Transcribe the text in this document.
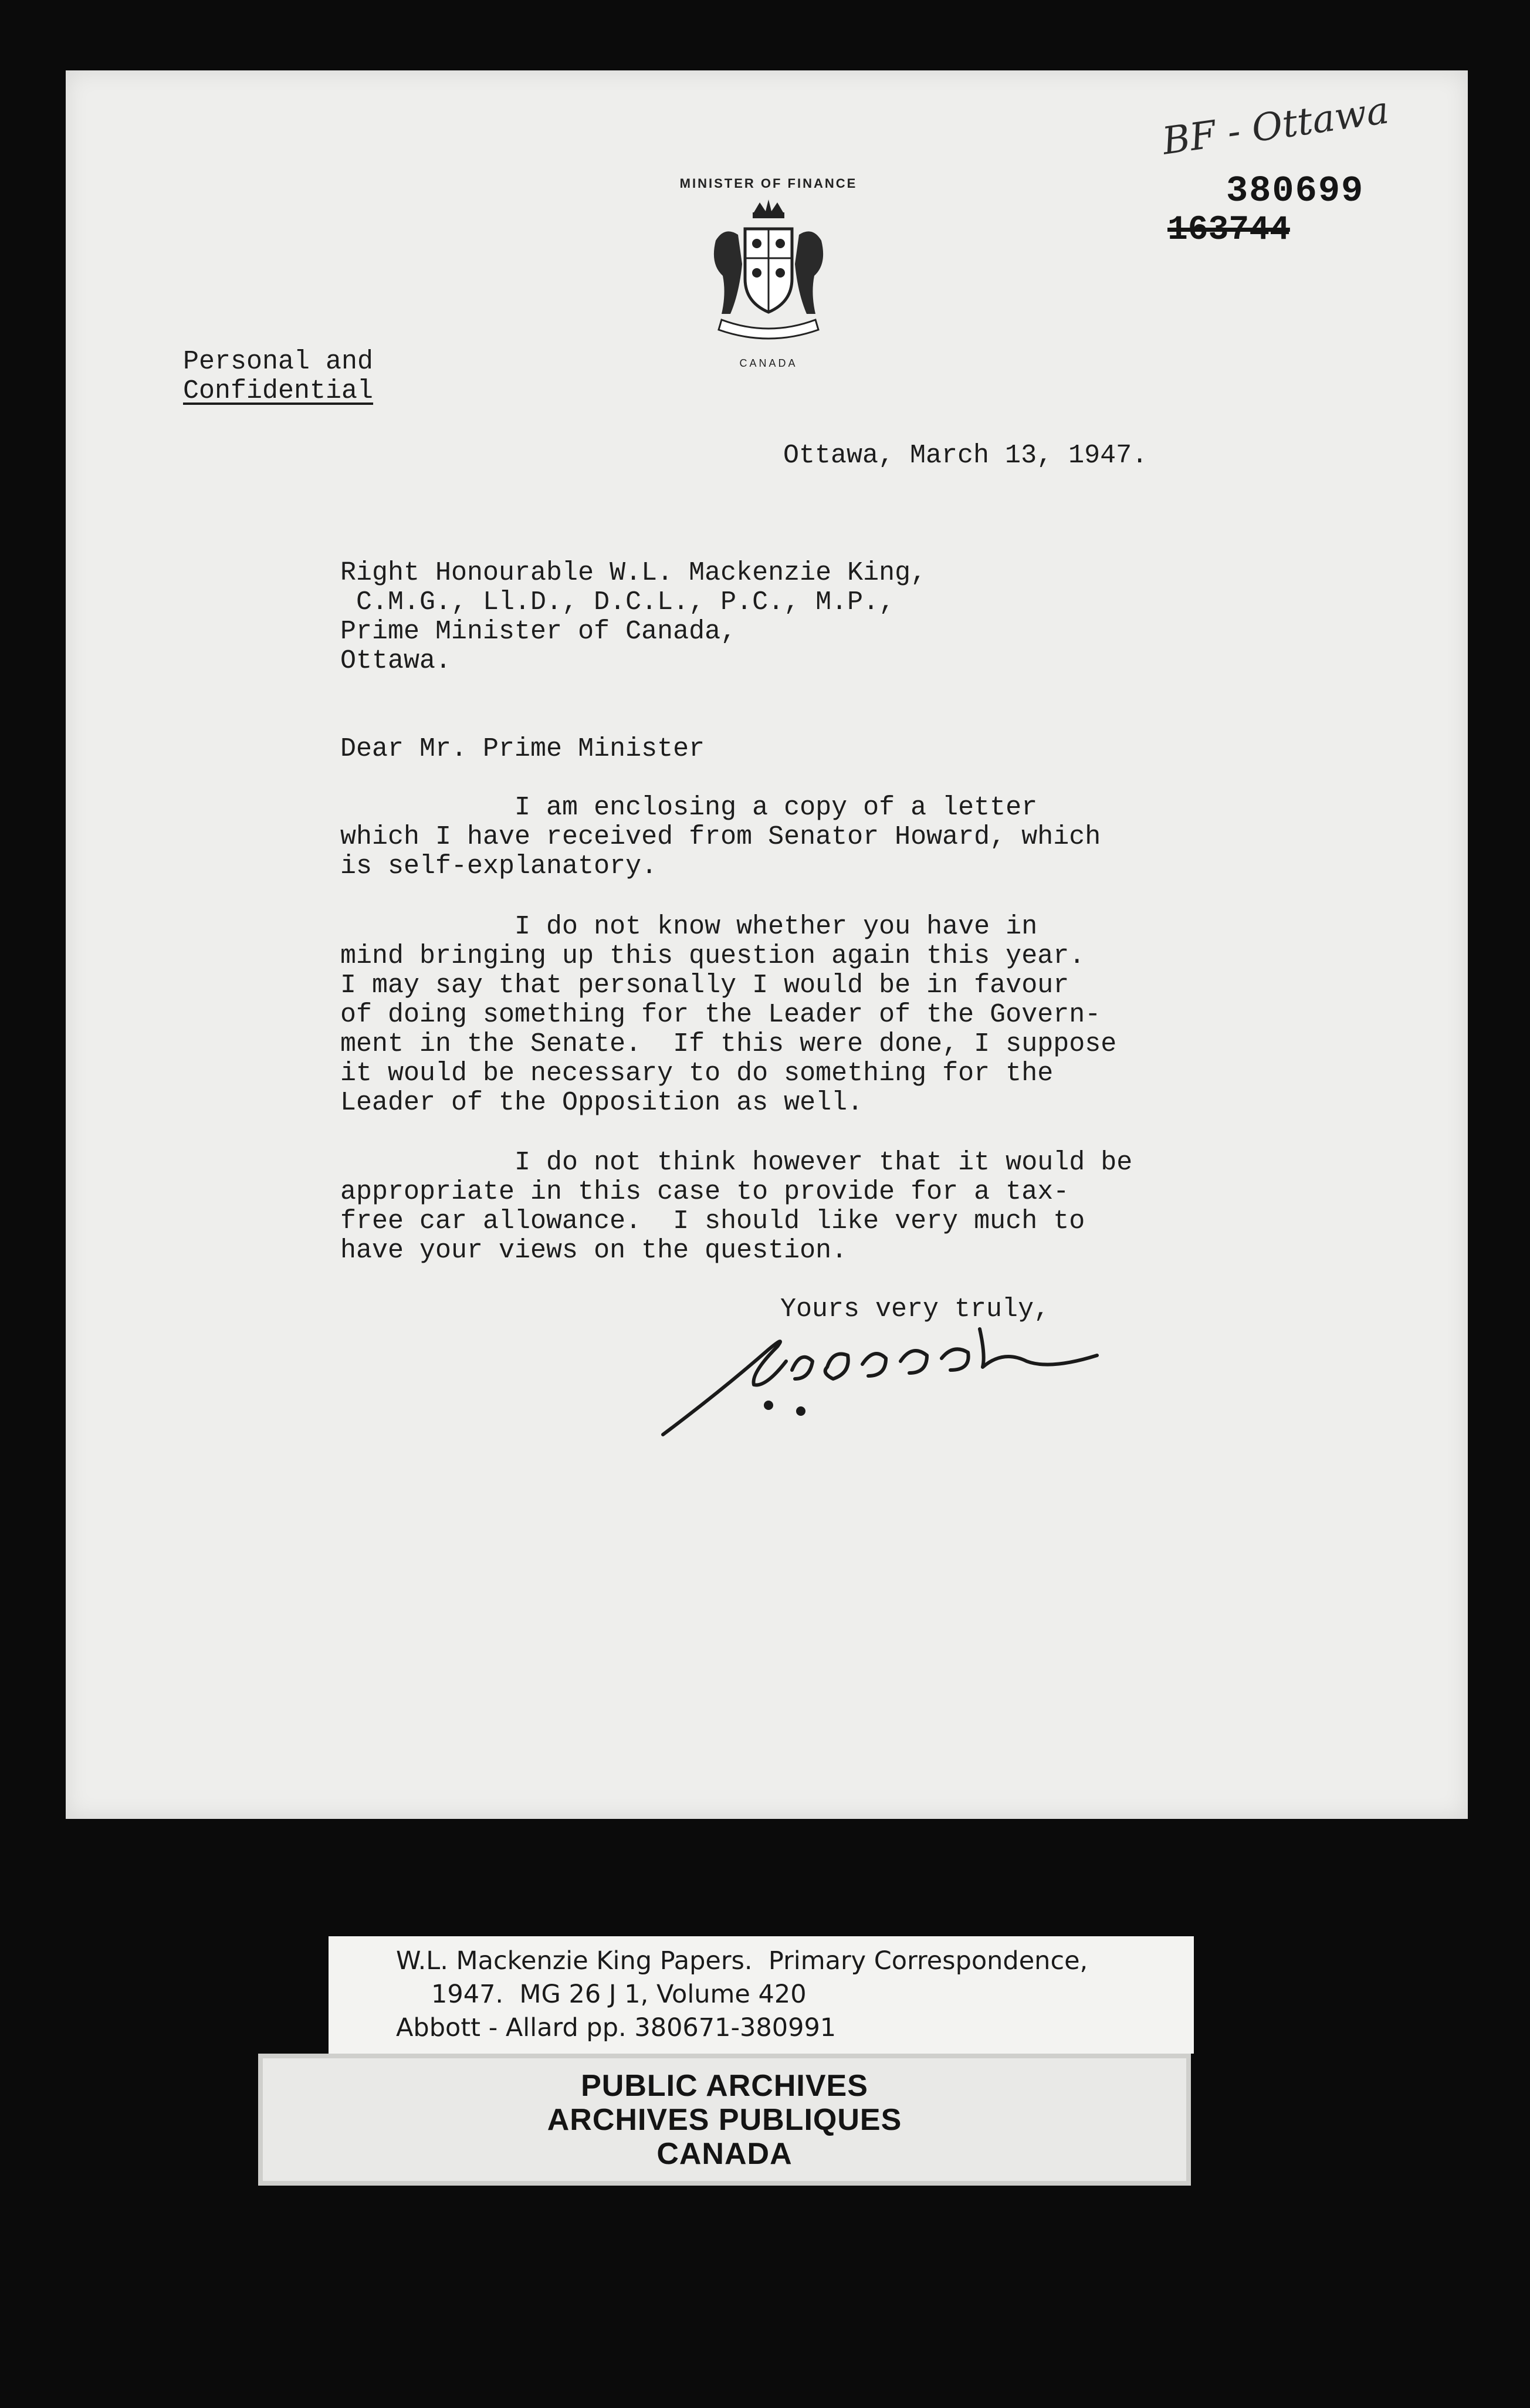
BF - Ottawa
380699
163744
MINISTER OF FINANCE
CANADA
Personal and
Confidential
Ottawa, March 13, 1947.
Right Honourable W.L. Mackenzie King,
C.M.G., Ll.D., D.C.L., P.C., M.P.,
Prime Minister of Canada,
Ottawa.
Dear Mr. Prime Minister
I am enclosing a copy of a letter
which I have received from Senator Howard, which
is self-explanatory.
I do not know whether you have in
mind bringing up this question again this year.
I may say that personally I would be in favour
of doing something for the Leader of the Govern-
ment in the Senate.  If this were done, I suppose
it would be necessary to do something for the
Leader of the Opposition as well.
I do not think however that it would be
appropriate in this case to provide for a tax-
free car allowance.  I should like very much to
have your views on the question.
Yours very truly,
W.L. Mackenzie King Papers.  Primary Correspondence,
1947.  MG 26 J 1, Volume 420
Abbott - Allard pp. 380671-380991
PUBLIC ARCHIVES
ARCHIVES PUBLIQUES
CANADA
